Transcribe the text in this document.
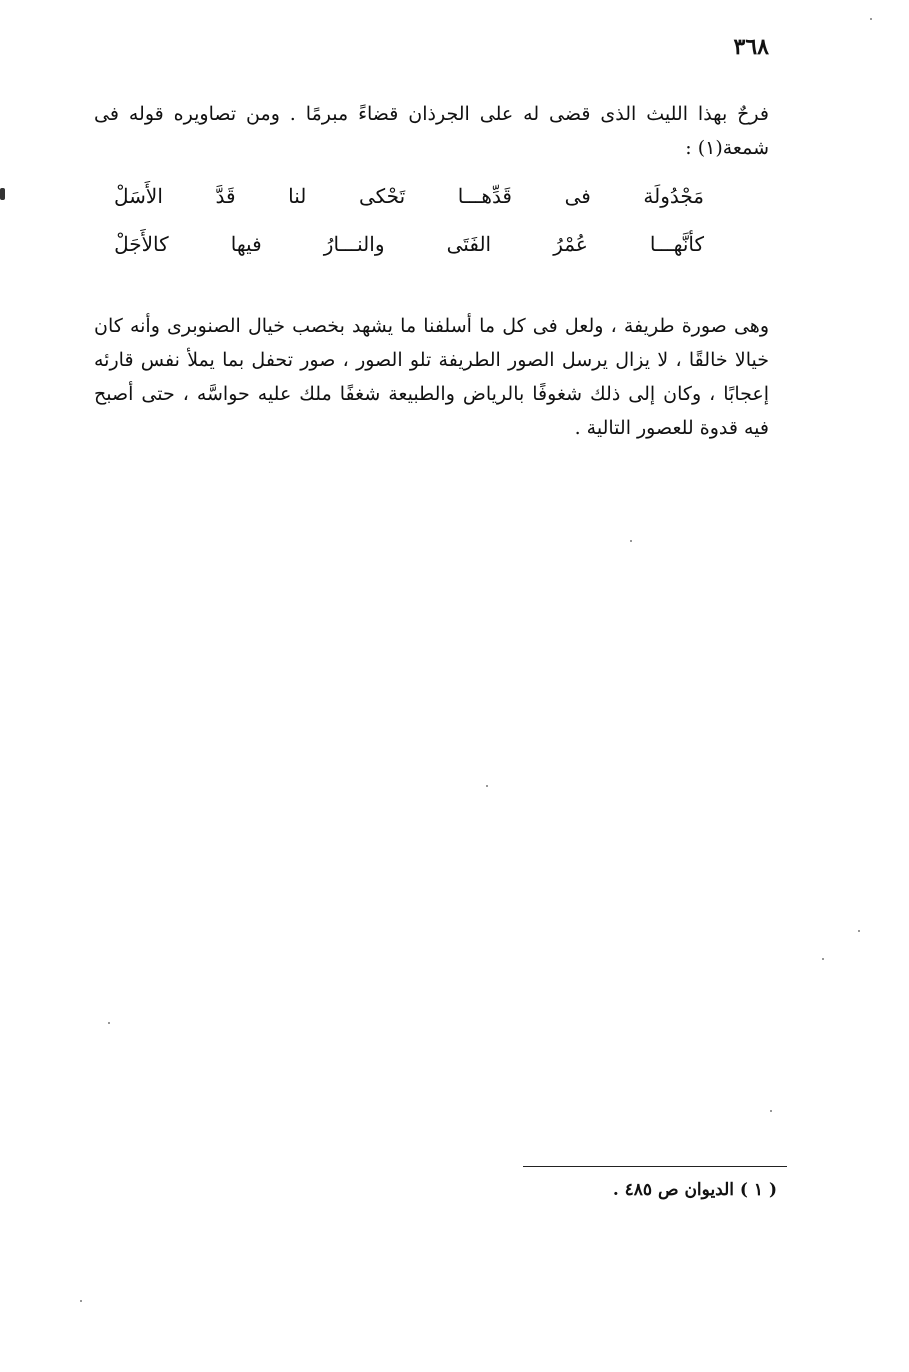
٣٦٨

فرحٌ بهذا الليث الذى قضى له على الجرذان قضاءً مبرمًا . ومن تصاويره قوله فى شمعة(١) :

مَجْدُولَة
فى
قَدِّهـــا
تَحْكى
لنا
قَدَّ
الأَسَلْ
كأنَّهـــا
عُمْرُ
الفَتَى
والنـــارُ
فيها
كالأَجَلْ

وهى صورة طريفة ، ولعل فى كل ما أسلفنا ما يشهد بخصب خيال الصنوبرى وأنه كان خيالا خالقًا ، لا يزال يرسل الصور الطريفة تلو الصور ، صور تحفل بما يملأ نفس قارئه إعجابًا ، وكان إلى ذلك شغوفًا بالرياض والطبيعة شغفًا ملك عليه حواسَّه ، حتى أصبح فيه قدوة للعصور التالية .

( ١ ) الديوان ص ٤٨٥ .
